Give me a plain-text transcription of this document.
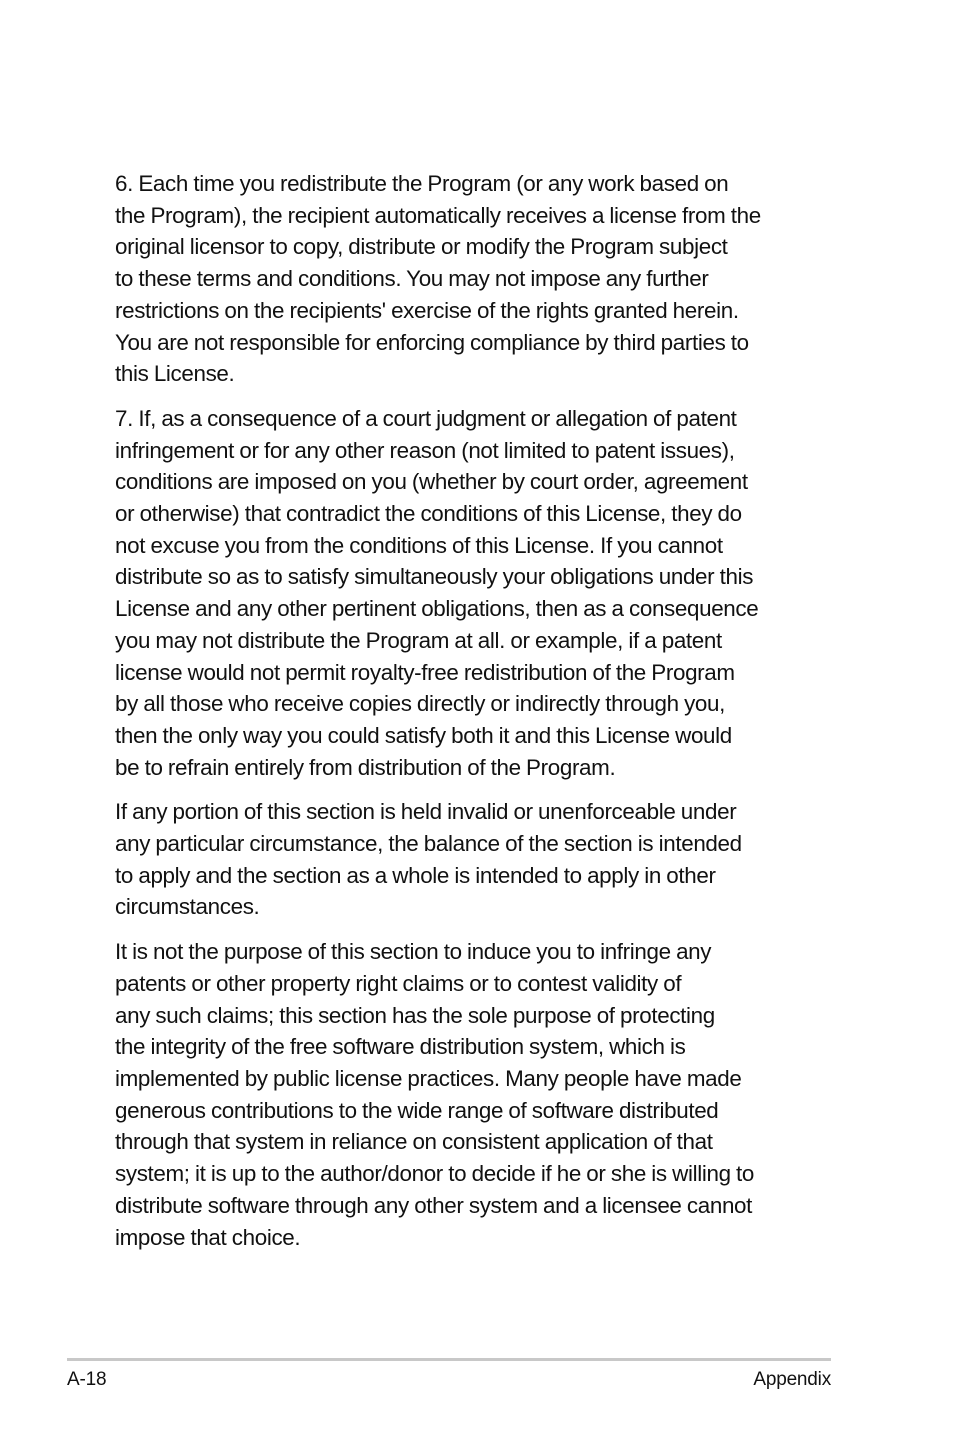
6. Each time you redistribute the Program (or any work based on
the Program), the recipient automatically receives a license from the
original licensor to copy, distribute or modify the Program subject
to these terms and conditions. You may not impose any further
restrictions on the recipients' exercise of the rights granted herein.
You are not responsible for enforcing compliance by third parties to
this License.

7. If, as a consequence of a court judgment or allegation of patent
infringement or for any other reason (not limited to patent issues),
conditions are imposed on you (whether by court order, agreement
or otherwise) that contradict the conditions of this License, they do
not excuse you from the conditions of this License. If you cannot
distribute so as to satisfy simultaneously your obligations under this
License and any other pertinent obligations, then as a consequence
you may not distribute the Program at all. or example, if a patent
license would not permit royalty-free redistribution of the Program
by all those who receive copies directly or indirectly through you,
then the only way you could satisfy both it and this License would
be to refrain entirely from distribution of the Program.

If any portion of this section is held invalid or unenforceable under
any particular circumstance, the balance of the section is intended
to apply and the section as a whole is intended to apply in other
circumstances.

It is not the purpose of this section to induce you to infringe any
patents or other property right claims or to contest validity of
any such claims; this section has the sole purpose of protecting
the integrity of the free software distribution system, which is
implemented by public license practices. Many people have made
generous contributions to the wide range of software distributed
through that system in reliance on consistent application of that
system; it is up to the author/donor to decide if he or she is willing to
distribute software through any other system and a licensee cannot
impose that choice.

A-18	Appendix
